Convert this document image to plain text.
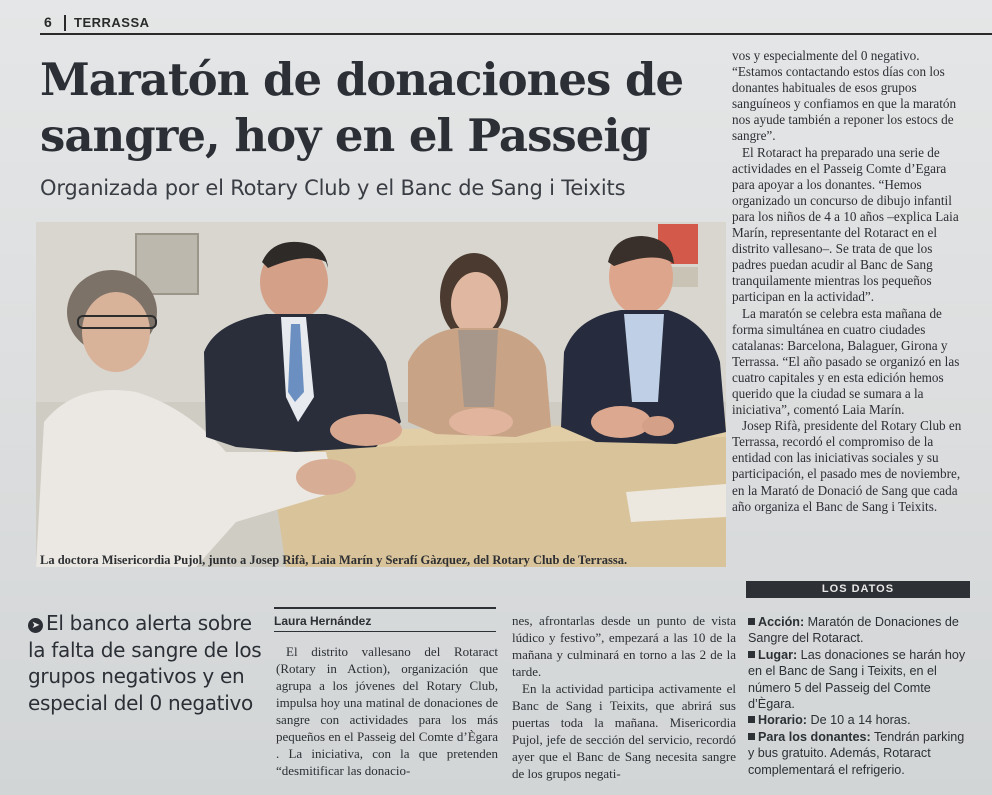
6 TERRASSA
Maratón de donaciones de sangre, hoy en el Passeig
Organizada por el Rotary Club y el Banc de Sang i Teixits
La doctora Misericordia Pujol, junto a Josep Rifà, Laia Marín y Serafí Gàzquez, del Rotary Club de Terrassa.

vos y especialmente del 0 negativo. “Estamos contactando estos días con los donantes habituales de esos grupos sanguíneos y confiamos en que la maratón nos ayude también a reponer los estocs de sangre”.

El Rotaract ha preparado una serie de actividades en el Passeig Comte d’Egara para apoyar a los donantes. “Hemos organizado un concurso de dibujo infantil para los niños de 4 a 10 años –explica Laia Marín, representante del Rotaract en el distrito vallesano–. Se trata de que los padres puedan acudir al Banc de Sang tranquilamente mientras los pequeños participan en la actividad”.

La maratón se celebra esta mañana de forma simultánea en cuatro ciudades catalanas: Barcelona, Balaguer, Girona y Terrassa. “El año pasado se organizó en las cuatro capitales y en esta edición hemos querido que la ciudad se sumara a la iniciativa”, comentó Laia Marín.

Josep Rifà, presidente del Rotary Club en Terrassa, recordó el compromiso de la entidad con las iniciativas sociales y su participación, el pasado mes de noviembre, en la Marató de Donació de Sang que cada año organiza el Banc de Sang i Teixits.

LOS DATOS
Acción: Maratón de Donaciones de Sangre del Rotaract.
Lugar: Las donaciones se harán hoy en el Banc de Sang i Teixits, en el número 5 del Passeig del Comte d’Ègara.
Horario: De 10 a 14 horas.
Para los donantes: Tendrán parking y bus gratuito. Además, Rotaract complementará el refrigerio.
➤ El banco alerta sobre la falta de sangre de los grupos negativos y en especial del 0 negativo
Laura Hernández

El distrito vallesano del Rotaract (Rotary in Action), organización que agrupa a los jóvenes del Rotary Club, impulsa hoy una matinal de donaciones de sangre con actividades para los más pequeños en el Passeig del Comte d’Ègara . La iniciativa, con la que pretenden “desmitificar las donacio-

nes, afrontarlas desde un punto de vista lúdico y festivo”, empezará a las 10 de la mañana y culminará en torno a las 2 de la tarde.

En la actividad participa activamente el Banc de Sang i Teixits, que abrirá sus puertas toda la mañana. Misericordia Pujol, jefe de sección del servicio, recordó ayer que el Banc de Sang necesita sangre de los grupos negati-
